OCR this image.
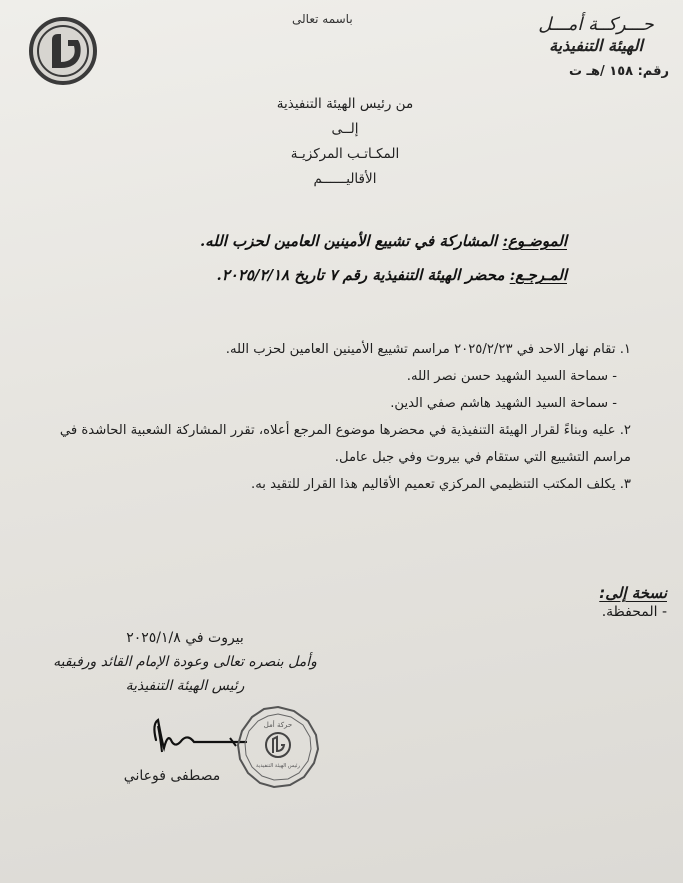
باسمه تعالى	حـــركــة أمـــل
الهيئة التنفيذية
رقم: ١٥٨ /هـ ت
من رئيس الهيئة التنفيذية
إلــى
المكـاتـب المركزيـة
الأقاليــــــم
الموضـوع: المشاركة في تشييع الأمينين العامين لحزب الله.
المـرجـع: محضر الهيئة التنفيذية رقم ٧ تاريخ ٢٠٢٥/٢/١٨.
١. تقام نهار الاحد في ٢٠٢٥/٢/٢٣ مراسم تشييع الأمينين العامين لحزب الله.
- سماحة السيد الشهيد حسن نصر الله.
- سماحة السيد الشهيد هاشم صفي الدين.
٢. عليه وبناءً لقرار الهيئة التنفيذية في محضرها موضوع المرجع أعلاه، تقرر المشاركة الشعبية الحاشدة في مراسم التشييع التي ستقام في بيروت وفي جبل عامل.
٣. يكلف المكتب التنظيمي المركزي تعميم الأقاليم هذا القرار للتقيد به.
نسخة إلى:
- المحفظة.
بيروت في ٢٠٢٥/١/٨
وأمل بنصره تعالى وعودة الإمام القائد ورفيقيه
رئيس الهيئة التنفيذية
حركة أمل
رئيس الهيئة التنفيذية
مصطفى فوعاني
